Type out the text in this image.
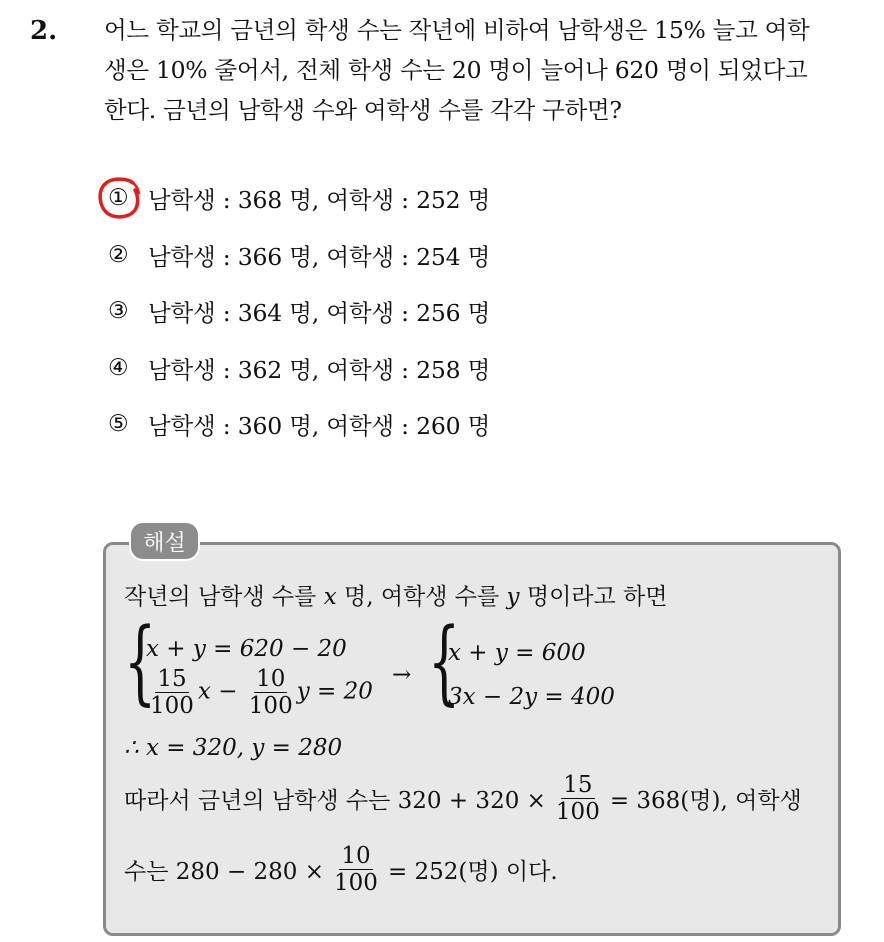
2. 어느 학교의 금년의 학생 수는 작년에 비하여 남학생은 15% 늘고 여학
생은 10% 줄어서, 전체 학생 수는 20 명이 늘어나 620 명이 되었다고
한다. 금년의 남학생 수와 여학생 수를 각각 구하면?
① 남학생 : 368 명, 여학생 : 252 명
② 남학생 : 366 명, 여학생 : 254 명
③ 남학생 : 364 명, 여학생 : 256 명
④ 남학생 : 362 명, 여학생 : 258 명
⑤ 남학생 : 360 명, 여학생 : 260 명
해설
작년의 남학생 수를 x 명, 여학생 수를 y 명이라고 하면
{
x + y = 620 − 20
$\frac{15}{100}$ $x - \frac{10}{100}$ y = 20
→ {
x + y = 600
3x − 2y = 400
∴ x = 320, y = 280
따라서 금년의 남학생 수는 $320 + 320 \times \frac{15}{100} = 368$(명), 여학생
수는 $280 - 280 \times \frac{10}{100} = 252$(명) 이다.
